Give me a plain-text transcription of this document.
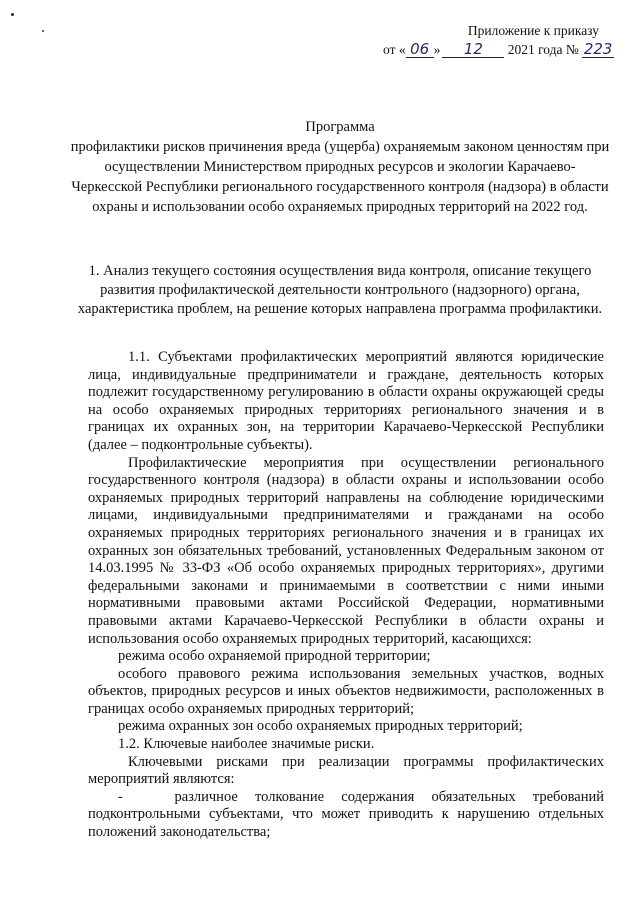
Приложение к приказу
от « 06 » 12 2021 года № 223
Программа
профилактики рисков причинения вреда (ущерба) охраняемым законом ценностям при осуществлении Министерством природных ресурсов и экологии Карачаево-Черкесской Республики регионального государственного контроля (надзора) в области охраны и использовании особо охраняемых природных территорий на 2022 год.
1. Анализ текущего состояния осуществления вида контроля, описание текущего развития профилактической деятельности контрольного (надзорного) органа, характеристика проблем, на решение которых направлена программа профилактики.

1.1. Субъектами профилактических мероприятий являются юридические лица, индивидуальные предприниматели и граждане, деятельность которых подлежит государственному регулированию в области охраны окружающей среды на особо охраняемых природных территориях регионального значения и в границах их охранных зон, на территории Карачаево-Черкесской Республики (далее – подконтрольные субъекты).

Профилактические мероприятия при осуществлении регионального государственного контроля (надзора) в области охраны и использовании особо охраняемых природных территорий направлены на соблюдение юридическими лицами, индивидуальными предпринимателями и гражданами на особо охраняемых природных территориях регионального значения и в границах их охранных зон обязательных требований, установленных Федеральным законом от 14.03.1995 № 33-ФЗ «Об особо охраняемых природных территориях», другими федеральными законами и принимаемыми в соответствии с ними иными нормативными правовыми актами Российской Федерации, нормативными правовыми актами Карачаево-Черкесской Республики в области охраны и использования особо охраняемых природных территорий, касающихся:

режима особо охраняемой природной территории;

особого правового режима использования земельных участков, водных объектов, природных ресурсов и иных объектов недвижимости, расположенных в границах особо охраняемых природных территорий;

режима охранных зон особо охраняемых природных территорий;

1.2. Ключевые наиболее значимые риски.

Ключевыми рисками при реализации программы профилактических мероприятий являются:

-   различное толкование содержания обязательных требований подконтрольными субъектами, что может приводить к нарушению отдельных положений законодательства;
